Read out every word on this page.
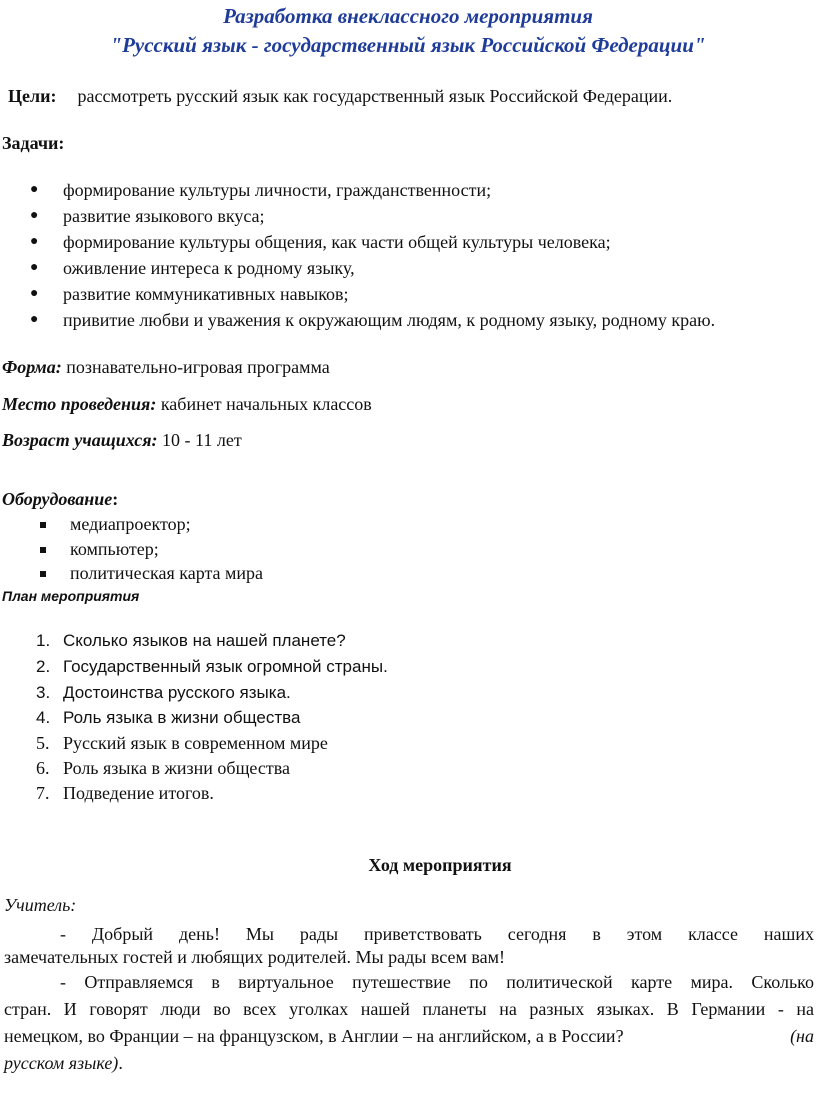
Разработка внеклассного мероприятия
"Русский язык - государственный язык Российской Федерации"
Цели: рассмотреть русский язык как государственный язык Российской Федерации.
Задачи:
● формирование культуры личности, гражданственности;
● развитие языкового вкуса;
● формирование культуры общения, как части общей культуры человека;
● оживление интереса к родному языку,
● развитие коммуникативных навыков;
● привитие любви и уважения к окружающим людям, к родному языку, родному краю.
Форма: познавательно-игровая программа
Место проведения: кабинет начальных классов
Возраст учащихся: 10 - 11 лет
Оборудование:
медиапроектор;
компьютер;
политическая карта мира
План мероприятия
1. Сколько языков на нашей планете?
2. Государственный язык огромной страны.
3. Достоинства русского языка.
4. Роль языка в жизни общества
5. Русский язык в современном мире
6. Роль языка в жизни общества
7. Подведение итогов.
Ход мероприятия
Учитель:
- Добрый день! Мы рады приветствовать сегодня в этом классе наших
замечательных гостей и любящих родителей. Мы рады всем вам!
- Отправляемся в виртуальное путешествие по политической карте мира. Сколько
стран. И говорят люди во всех уголках нашей планеты на разных языках. В Германии - на
немецком, во Франции – на французском, в Англии – на английском, а в России?	(на
русском языке).
